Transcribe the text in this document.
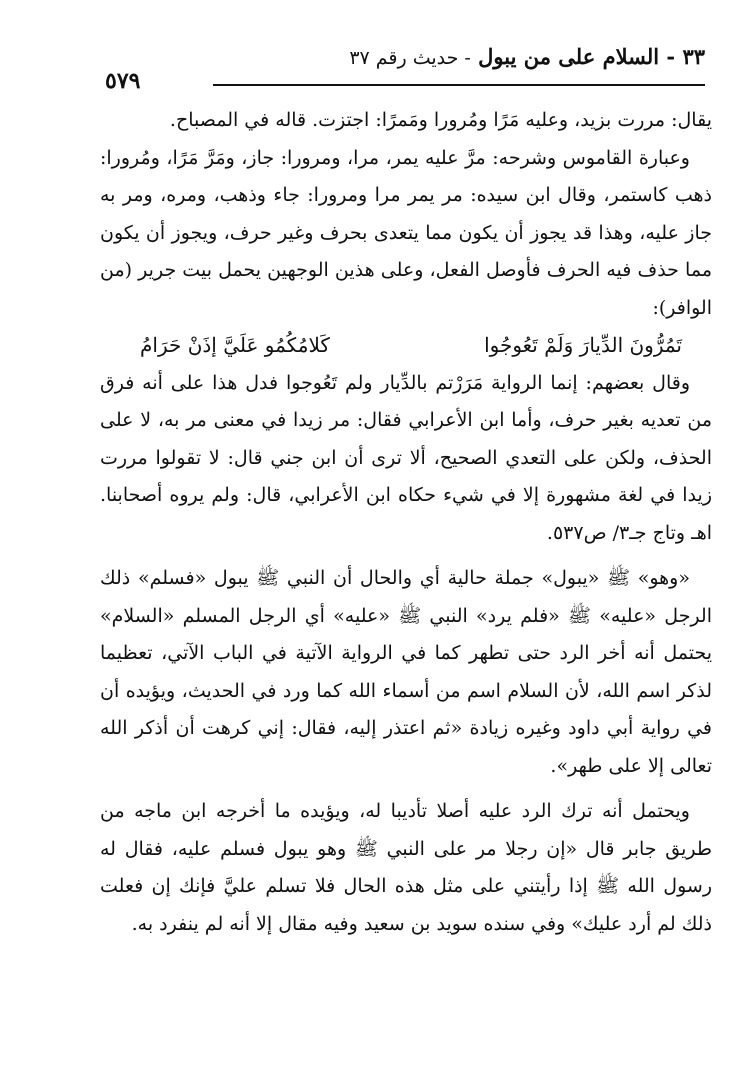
٣٣ - السلام على من يبول - حديث رقم ٣٧
٥٧٩

يقال: مررت بزيد، وعليه مَرًا ومُرورا ومَمرًا: اجتزت. قاله في المصباح.

وعبارة القاموس وشرحه: مرَّ عليه يمر، مرا، ومرورا: جاز، ومَرَّ مَرًا، ومُرورا: ذهب كاستمر، وقال ابن سيده: مر يمر مرا ومرورا: جاء وذهب، ومره، ومر به جاز عليه، وهذا قد يجوز أن يكون مما يتعدى بحرف وغير حرف، ويجوز أن يكون مما حذف فيه الحرف فأوصل الفعل، وعلى هذين الوجهين يحمل بيت جرير (من الوافر):

تَمُرُّونَ الدِّيارَ وَلَمْ تَعُوجُوا
كَلامُكُمُو عَلَيَّ إذَنْ حَرَامُ

وقال بعضهم: إنما الرواية مَرَرْتم بالدِّيار ولم تَعُوجوا فدل هذا على أنه فرق من تعديه بغير حرف، وأما ابن الأعرابي فقال: مر زيدا في معنى مر به، لا على الحذف، ولكن على التعدي الصحيح، ألا ترى أن ابن جني قال: لا تقولوا مررت زيدا في لغة مشهورة إلا في شيء حكاه ابن الأعرابي، قال: ولم يروه أصحابنا. اهـ وتاج جـ٣/ ص٥٣٧.

«وهو» ﷺ «يبول» جملة حالية أي والحال أن النبي ﷺ يبول «فسلم» ذلك الرجل «عليه» ﷺ «فلم يرد» النبي ﷺ «عليه» أي الرجل المسلم «السلام» يحتمل أنه أخر الرد حتى تطهر كما في الرواية الآتية في الباب الآتي، تعظيما لذكر اسم الله، لأن السلام اسم من أسماء الله كما ورد في الحديث، ويؤيده أن في رواية أبي داود وغيره زيادة «ثم اعتذر إليه، فقال: إني كرهت أن أذكر الله تعالى إلا على طهر».

ويحتمل أنه ترك الرد عليه أصلا تأديبا له، ويؤيده ما أخرجه ابن ماجه من طريق جابر قال «إن رجلا مر على النبي ﷺ وهو يبول فسلم عليه، فقال له رسول الله ﷺ إذا رأيتني على مثل هذه الحال فلا تسلم عليَّ فإنك إن فعلت ذلك لم أرد عليك» وفي سنده سويد بن سعيد وفيه مقال إلا أنه لم ينفرد به.
